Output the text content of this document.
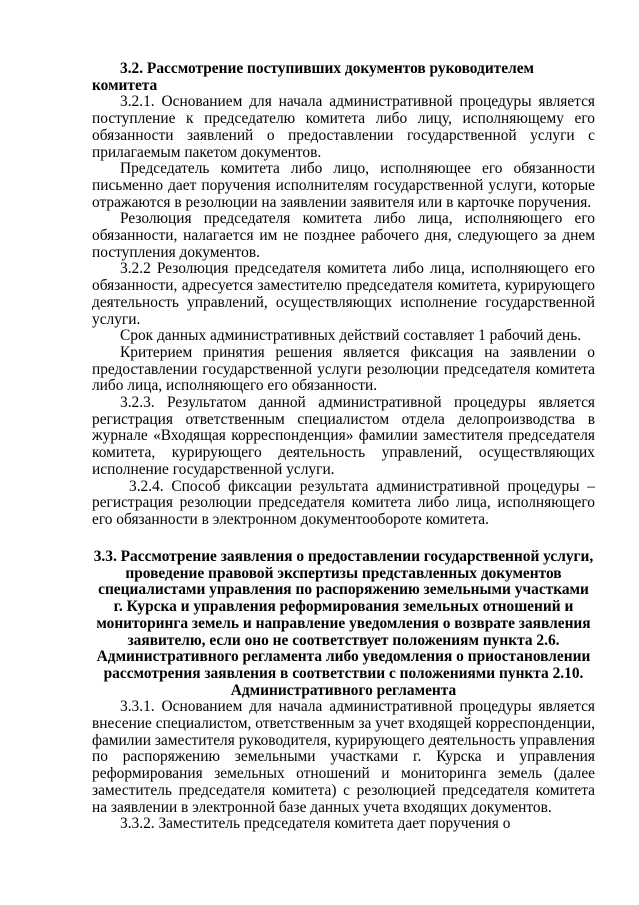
3.2. Рассмотрение поступивших документов руководителем комитета

3.2.1. Основанием для начала административной процедуры является поступление к председателю комитета либо лицу, исполняющему его обязанности заявлений о предоставлении государственной услуги с прилагаемым пакетом документов.

Председатель комитета либо лицо, исполняющее его обязанности письменно дает поручения исполнителям государственной услуги, которые отражаются в резолюции на заявлении заявителя или в карточке поручения.

Резолюция председателя комитета либо лица, исполняющего его обязанности, налагается им не позднее рабочего дня, следующего за днем поступления документов.

3.2.2 Резолюция председателя комитета либо лица, исполняющего его обязанности, адресуется заместителю председателя комитета, курирующего деятельность управлений, осуществляющих исполнение государственной услуги.

Срок данных административных действий составляет 1 рабочий день.

Критерием принятия решения является фиксация на заявлении о предоставлении государственной услуги резолюции председателя комитета либо лица, исполняющего его обязанности.

3.2.3. Результатом данной административной процедуры является регистрация ответственным специалистом отдела делопроизводства в журнале «Входящая корреспонденция» фамилии заместителя председателя комитета, курирующего деятельность управлений, осуществляющих исполнение государственной услуги.

3.2.4. Способ фиксации результата административной процедуры – регистрация резолюции председателя комитета либо лица, исполняющего его обязанности в электронном документообороте комитета.

3.3. Рассмотрение заявления о предоставлении государственной услуги, проведение правовой экспертизы представленных документов специалистами управления по распоряжению земельными участками г. Курска и управления реформирования земельных отношений и мониторинга земель и направление уведомления о возврате заявления заявителю, если оно не соответствует положениям пункта 2.6. Административного регламента либо уведомления о приостановлении рассмотрения заявления в соответствии с положениями пункта 2.10. Административного регламента

3.3.1. Основанием для начала административной процедуры является внесение специалистом, ответственным за учет входящей корреспонденции, фамилии заместителя руководителя, курирующего деятельность управления по распоряжению земельными участками г. Курска и управления реформирования земельных отношений и мониторинга земель (далее заместитель председателя комитета) с резолюцией председателя комитета на заявлении в электронной базе данных учета входящих документов.

3.3.2. Заместитель председателя комитета дает поручения о
